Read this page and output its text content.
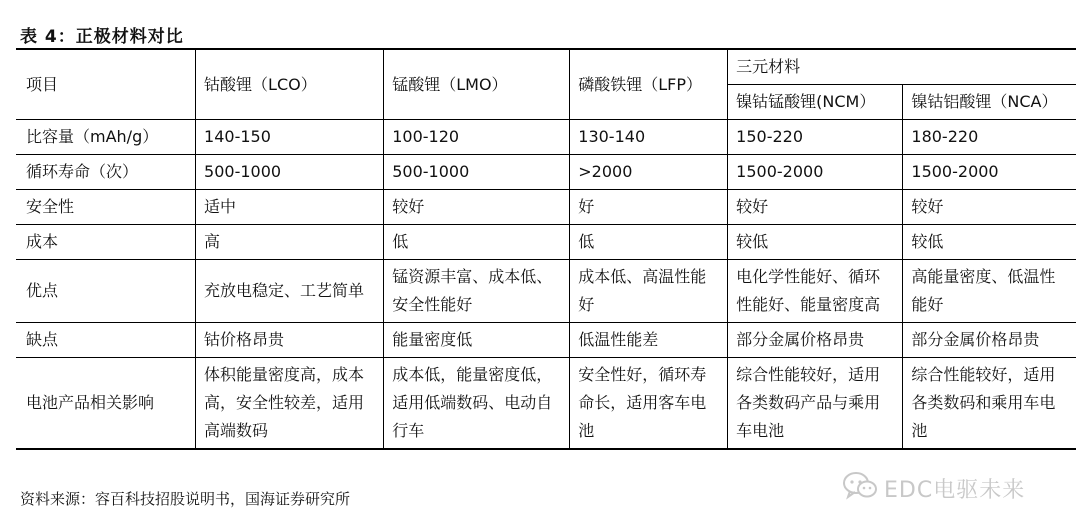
表 4：正极材料对比
项目	钴酸锂（LCO）	锰酸锂（LMO）	磷酸铁锂（LFP）	三元材料	
				镍钴锰酸锂(NCM）	镍钴铝酸锂（NCA）
比容量（mAh/g）	140-150	100-120	130-140	150-220	180-220
循环寿命（次）	500-1000	500-1000	>2000	1500-2000	1500-2000
安全性	适中	较好	好	较好	较好
成本	高	低	低	较低	较低
优点	充放电稳定、工艺简单	锰资源丰富、成本低、安全性能好	成本低、高温性能好	电化学性能好、循环性能好、能量密度高	高能量密度、低温性能好
缺点	钴价格昂贵	能量密度低	低温性能差	部分金属价格昂贵	部分金属价格昂贵
电池产品相关影响	体积能量密度高，成本高，安全性较差，适用高端数码	成本低，能量密度低，适用低端数码、电动自行车	安全性好，循环寿命长，适用客车电池	综合性能较好，适用各类数码产品与乘用车电池	综合性能较好，适用各类数码和乘用车电池
资料来源：容百科技招股说明书，国海证券研究所	EDC电驱未来
